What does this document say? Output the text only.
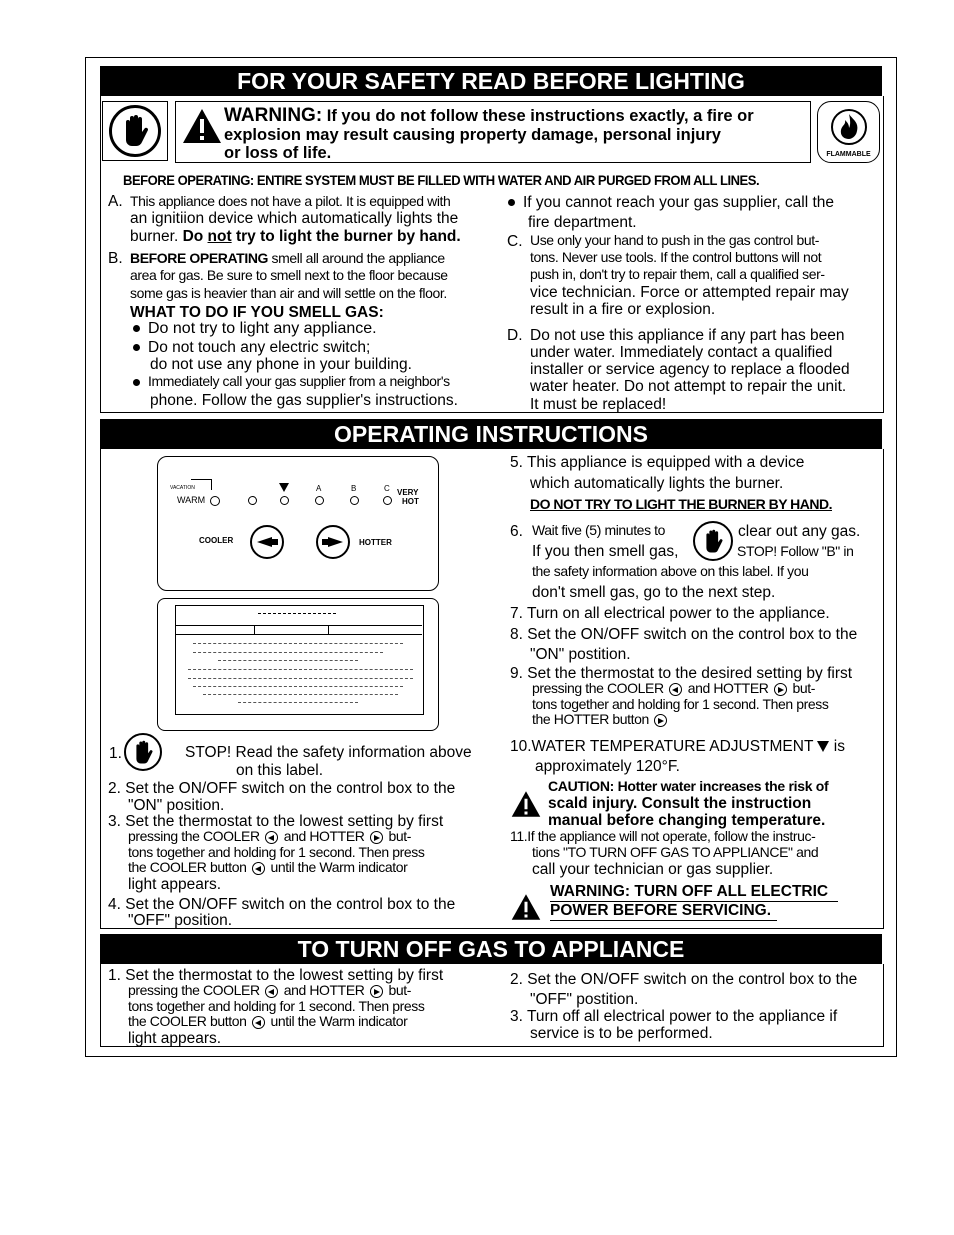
FOR YOUR SAFETY READ BEFORE LIGHTING
WARNING: If you do not follow these instructions exactly, a fire or
explosion may result causing property damage, personal injury
or loss of life.	FLAMMABLE
BEFORE OPERATING: ENTIRE SYSTEM MUST BE FILLED WITH WATER AND AIR PURGED FROM ALL LINES.
A. This appliance does not have a pilot. It is equipped with
an ignitiion device which automatically lights the
burner. Do not try to light the burner by hand.
B. BEFORE OPERATING smell all around the appliance
area for gas. Be sure to smell next to the floor because
some gas is heavier than air and will settle on the floor.
WHAT TO DO IF YOU SMELL GAS:
Do not try to light any appliance.
Do not touch any electric switch;
do not use any phone in your building.
Immediately call your gas supplier from a neighbor's
phone. Follow the gas supplier's instructions.
If you cannot reach your gas supplier, call the
fire department.
C. Use only your hand to push in the gas control but-
tons. Never use tools. If the control buttons will not
push in, don't try to repair them, call a qualified ser-
vice technician. Force or attempted repair may
result in a fire or explosion.
D. Do not use this appliance if any part has been
under water. Immediately contact a qualified
installer or service agency to replace a flooded
water heater. Do not attempt to repair the unit.
It must be replaced!
OPERATING INSTRUCTIONS
VACATION
WARM
A	B	C VERY
HOT
COOLER	HOTTER
1.	STOP! Read the safety information above
on this label.
2. Set the ON/OFF switch on the control box to the
"ON" position.
3. Set the thermostat to the lowest setting by first
pressing the COOLER and HOTTER but-
tons together and holding for 1 second. Then press
the COOLER button until the Warm indicator
light appears.
4. Set the ON/OFF switch on the control box to the
"OFF" position.
5. This appliance is equipped with a device
which automatically lights the burner.
DO NOT TRY TO LIGHT THE BURNER BY HAND.
6. Wait five (5) minutes to	clear out any gas.
If you then smell gas,	STOP! Follow "B" in
the safety information above on this label. If you
don't smell gas, go to the next step.
7. Turn on all electrical power to the appliance.
8. Set the ON/OFF switch on the control box to the
"ON" postition.
9. Set the thermostat to the desired setting by first
pressing the COOLER and HOTTER but-
tons together and holding for 1 second. Then press
the HOTTER button
10.WATER TEMPERATURE ADJUSTMENT is
approximately 120°F.
CAUTION: Hotter water increases the risk of
scald injury. Consult the instruction
manual before changing temperature.
11.If the appliance will not operate, follow the instruc-
tions "TO TURN OFF GAS TO APPLIANCE" and
call your technician or gas supplier.
WARNING: TURN OFF ALL ELECTRIC
POWER BEFORE SERVICING.
TO TURN OFF GAS TO APPLIANCE
1. Set the thermostat to the lowest setting by first
pressing the COOLER and HOTTER but-
tons together and holding for 1 second. Then press
the COOLER button until the Warm indicator
light appears.
2. Set the ON/OFF switch on the control box to the
"OFF" postition.
3. Turn off all electrical power to the appliance if
service is to be performed.
